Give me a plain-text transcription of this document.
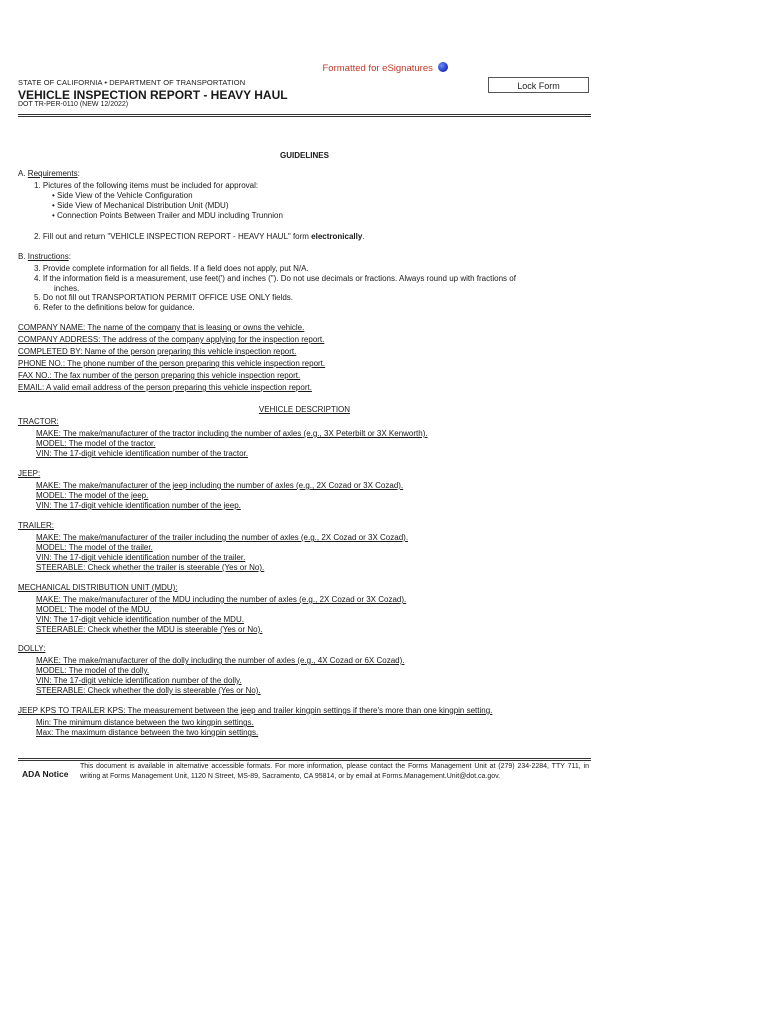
Formatted for eSignatures
STATE OF CALIFORNIA • DEPARTMENT OF TRANSPORTATION
VEHICLE INSPECTION REPORT - HEAVY HAUL
DOT TR-PER-0110 (NEW 12/2022)
Lock Form
GUIDELINES
A. Requirements:
1. Pictures of the following items must be included for approval:
• Side View of the Vehicle Configuration
• Side View of Mechanical Distribution Unit (MDU)
• Connection Points Between Trailer and MDU including Trunnion
2. Fill out and return "VEHICLE INSPECTION REPORT - HEAVY HAUL" form electronically.
B. Instructions:
3. Provide complete information for all fields. If a field does not apply, put N/A.
4. If the information field is a measurement, use feet(') and inches ("). Do not use decimals or fractions. Always round up with fractions of
inches.
5. Do not fill out TRANSPORTATION PERMIT OFFICE USE ONLY fields.
6. Refer to the definitions below for guidance.
COMPANY NAME: The name of the company that is leasing or owns the vehicle.
COMPANY ADDRESS: The address of the company applying for the inspection report.
COMPLETED BY: Name of the person preparing this vehicle inspection report.
PHONE NO.: The phone number of the person preparing this vehicle inspection report.
FAX NO.: The fax number of the person preparing this vehicle inspection report.
EMAIL: A valid email address of the person preparing this vehicle inspection report.
VEHICLE DESCRIPTION
TRACTOR:
MAKE: The make/manufacturer of the tractor including the number of axles (e.g., 3X Peterbilt or 3X Kenworth).
MODEL: The model of the tractor.
VIN: The 17-digit vehicle identification number of the tractor.
JEEP:
MAKE: The make/manufacturer of the jeep including the number of axles (e.g., 2X Cozad or 3X Cozad).
MODEL: The model of the jeep.
VIN: The 17-digit vehicle identification number of the jeep.
TRAILER:
MAKE: The make/manufacturer of the trailer including the number of axles (e.g., 2X Cozad or 3X Cozad).
MODEL: The model of the trailer.
VIN: The 17-digit vehicle identification number of the trailer.
STEERABLE: Check whether the trailer is steerable (Yes or No).
MECHANICAL DISTRIBUTION UNIT (MDU):
MAKE: The make/manufacturer of the MDU including the number of axles (e.g., 2X Cozad or 3X Cozad).
MODEL: The model of the MDU.
VIN: The 17-digit vehicle identification number of the MDU.
STEERABLE: Check whether the MDU is steerable (Yes or No).
DOLLY:
MAKE: The make/manufacturer of the dolly including the number of axles (e.g., 4X Cozad or 6X Cozad).
MODEL: The model of the dolly.
VIN: The 17-digit vehicle identification number of the dolly.
STEERABLE: Check whether the dolly is steerable (Yes or No).
JEEP KPS TO TRAILER KPS: The measurement between the jeep and trailer kingpin settings if there's more than one kingpin setting.
Min: The minimum distance between the two kingpin settings.
Max: The maximum distance between the two kingpin settings.
ADA Notice
This document is available in alternative accessible formats. For more information, please contact the Forms Management Unit at (279) 234-2284, TTY 711, in writing at Forms Management Unit, 1120 N Street, MS-89, Sacramento, CA 95814, or by email at Forms.Management.Unit@dot.ca.gov.
